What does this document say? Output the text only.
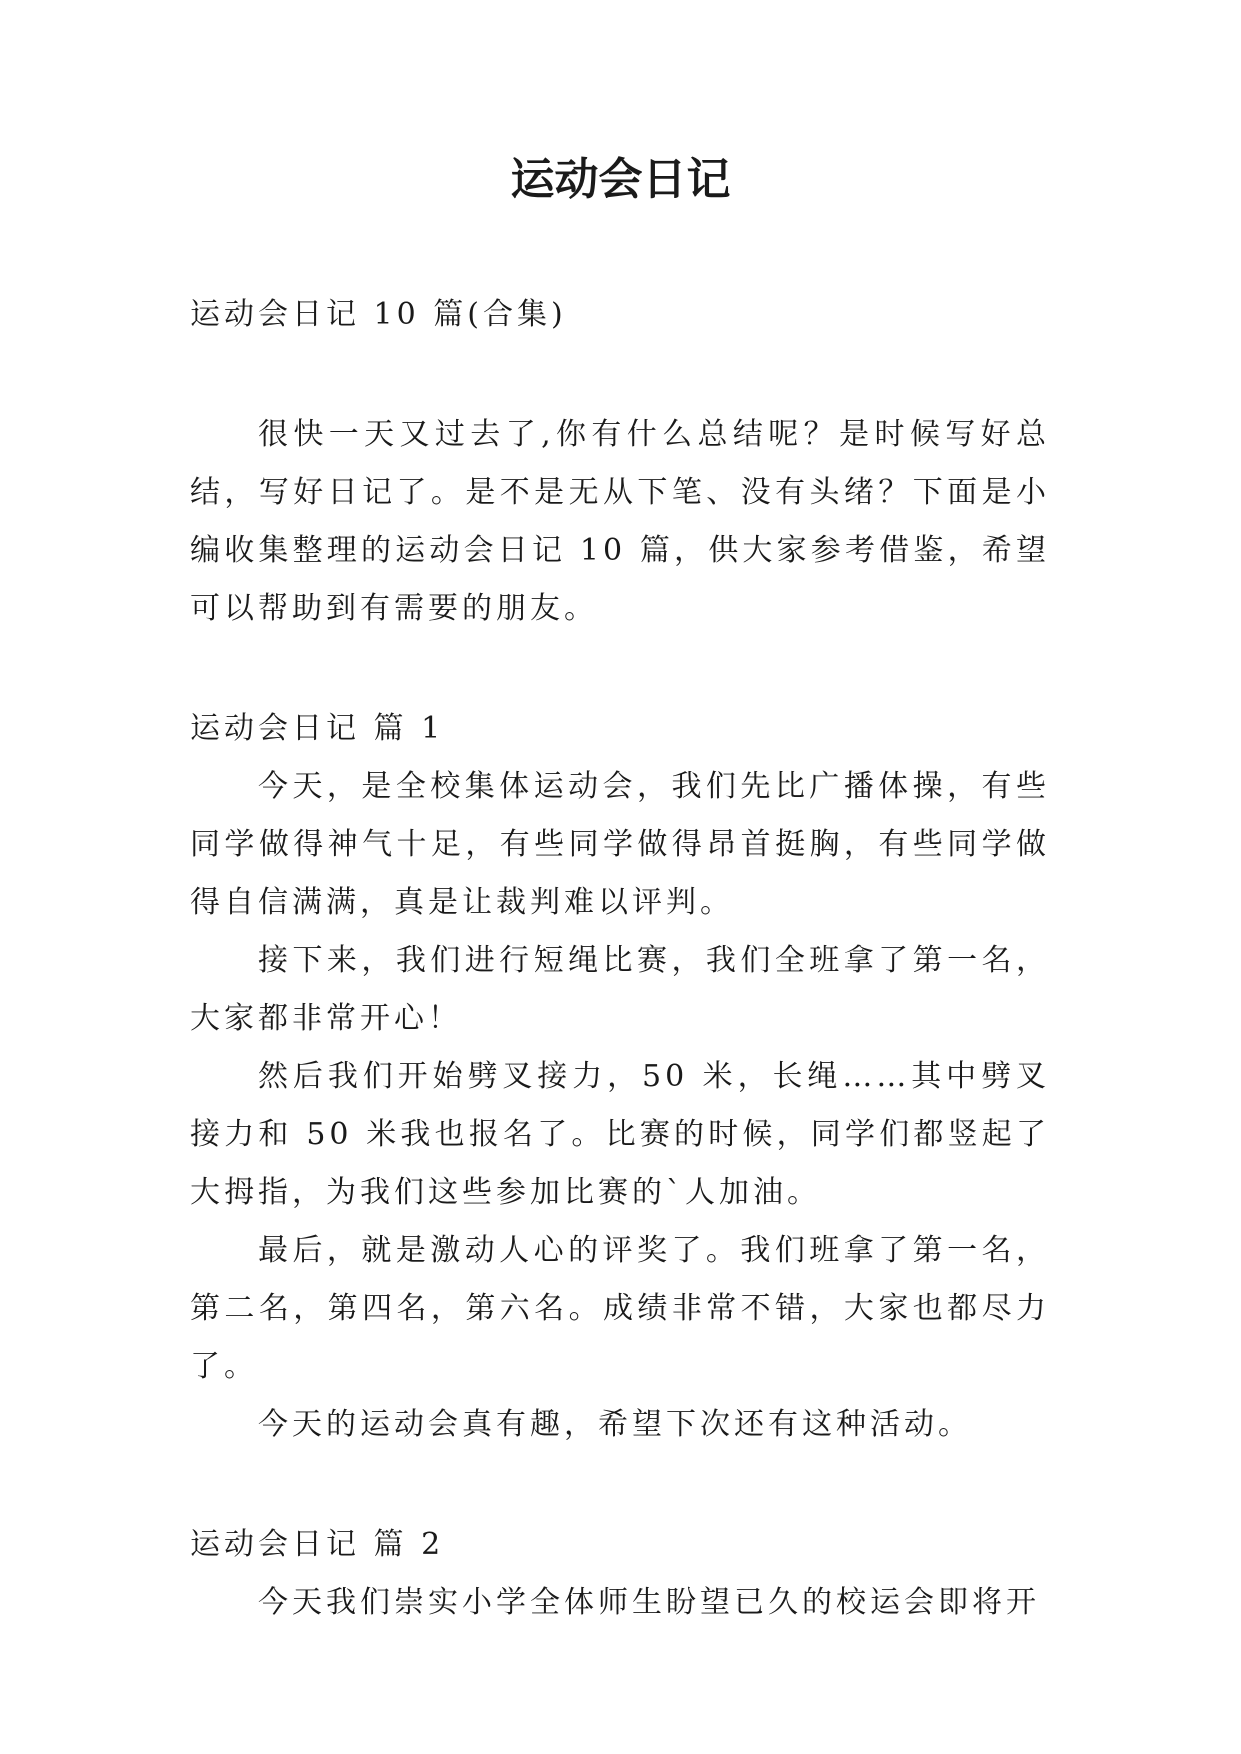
运动会日记

运动会日记 10 篇(合集)

很快一天又过去了,你有什么总结呢？是时候写好总结，写好日记了。是不是无从下笔、没有头绪？下面是小编收集整理的运动会日记 10 篇，供大家参考借鉴，希望可以帮助到有需要的朋友。

运动会日记 篇 1

今天，是全校集体运动会，我们先比广播体操，有些同学做得神气十足，有些同学做得昂首挺胸，有些同学做得自信满满，真是让裁判难以评判。

接下来，我们进行短绳比赛，我们全班拿了第一名，大家都非常开心！

然后我们开始劈叉接力，50 米，长绳……其中劈叉接力和 50 米我也报名了。比赛的时候，同学们都竖起了大拇指，为我们这些参加比赛的`人加油。

最后，就是激动人心的评奖了。我们班拿了第一名，第二名，第四名，第六名。成绩非常不错，大家也都尽力了。

今天的运动会真有趣，希望下次还有这种活动。

运动会日记 篇 2

今天我们崇实小学全体师生盼望已久的校运会即将开
